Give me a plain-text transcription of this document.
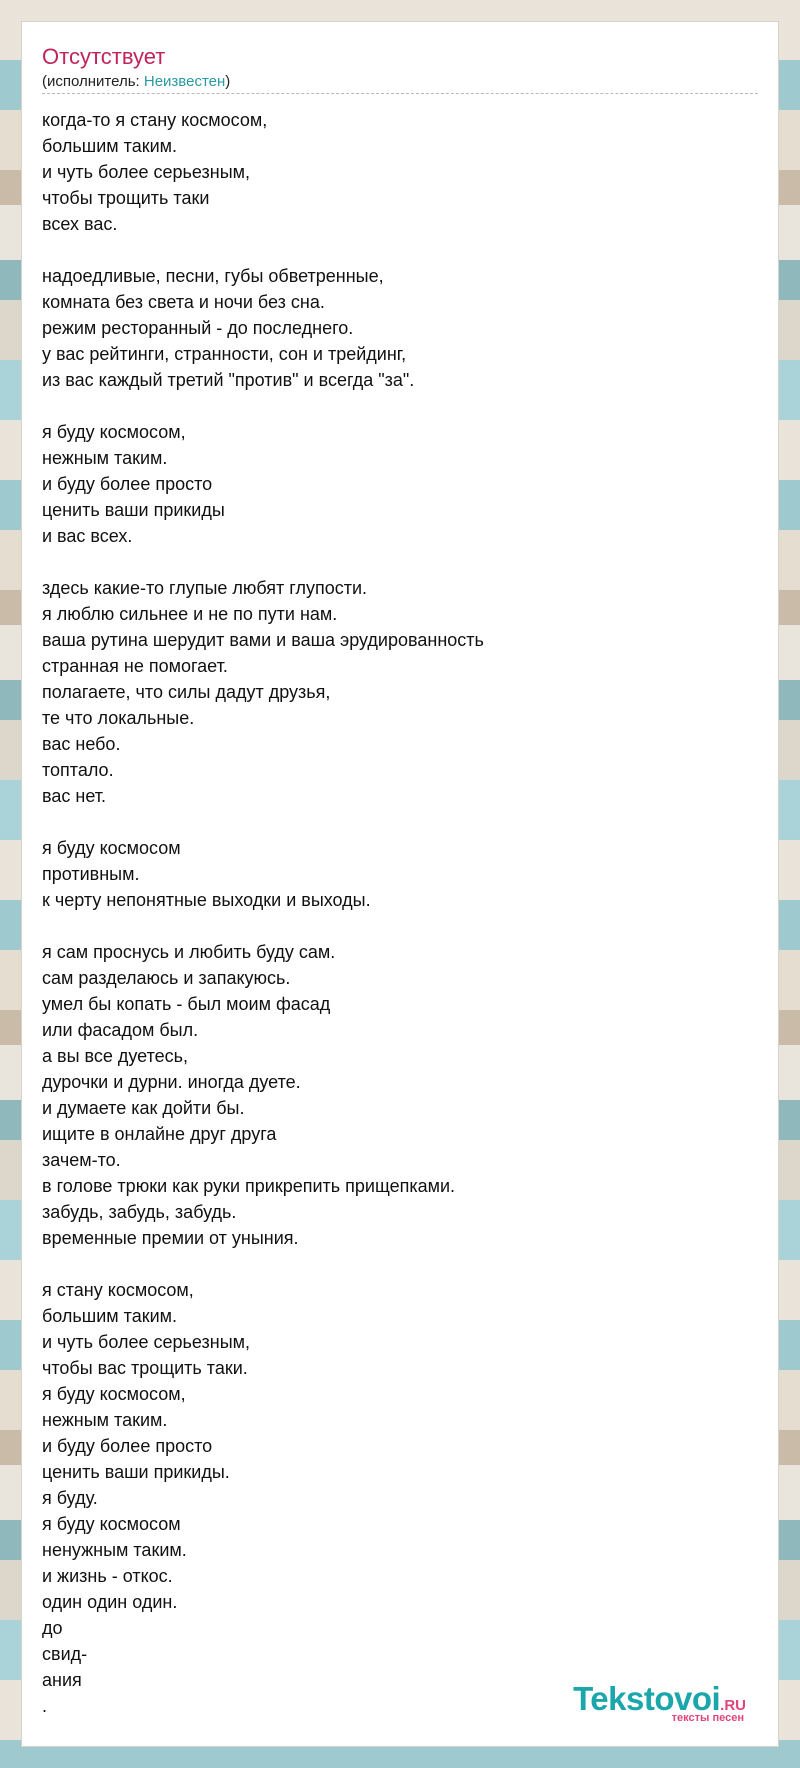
Отсутствует
(исполнитель: Неизвестен)
когда-то я стану космосом,
большим таким.
и чуть более серьезным,
чтобы трощить таки
всех вас.
надоедливые, песни, губы обветренные,
комната без света и ночи без сна.
режим ресторанный - до последнего.
у вас рейтинги, странности, сон и трейдинг,
из вас каждый третий "против" и всегда "за".
я буду космосом,
нежным таким.
и буду более просто
ценить ваши прикиды
и вас всех.
здесь какие-то глупые любят глупости.
я люблю сильнее и не по пути нам.
ваша рутина шерудит вами и ваша эрудированность
странная не помогает.
полагаете, что силы дадут друзья,
те что локальные.
вас небо.
топтало.
вас нет.
я буду космосом
противным.
к черту непонятные выходки и выходы.
я сам проснусь и любить буду сам.
сам разделаюсь и запакуюсь.
умел бы копать - был моим фасад
или фасадом был.
а вы все дуетесь,
дурочки и дурни. иногда дуете.
и думаете как дойти бы.
ищите в онлайне друг друга
зачем-то.
в голове трюки как руки прикрепить прищепками.
забудь, забудь, забудь.
временные премии от уныния.
я стану космосом,
большим таким.
и чуть более серьезным,
чтобы вас трощить таки.
я буду космосом,
нежным таким.
и буду более просто
ценить ваши прикиды.
я буду.
я буду космосом
ненужным таким.
и жизнь - откос.
один один один.
до
свид-
ания
.	Tekstovoi.RU
тексты песен
